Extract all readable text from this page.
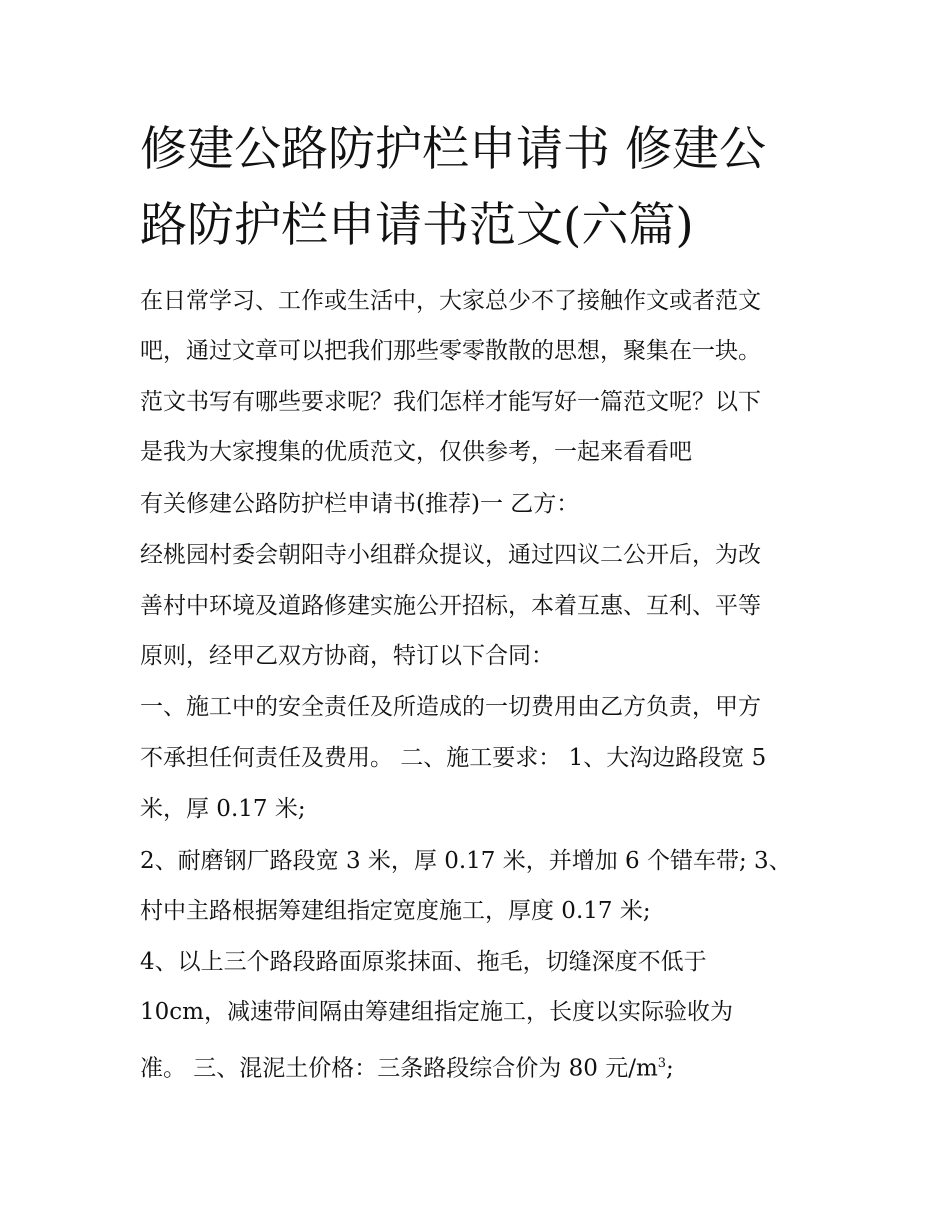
修建公路防护栏申请书 修建公
路防护栏申请书范文(六篇)
在日常学习、工作或生活中，大家总少不了接触作文或者范文
吧，通过文章可以把我们那些零零散散的思想，聚集在一块。
范文书写有哪些要求呢？我们怎样才能写好一篇范文呢？以下
是我为大家搜集的优质范文，仅供参考，一起来看看吧
有关修建公路防护栏申请书(推荐)一 乙方：
经桃园村委会朝阳寺小组群众提议，通过四议二公开后，为改
善村中环境及道路修建实施公开招标，本着互惠、互利、平等
原则，经甲乙双方协商，特订以下合同：
一、施工中的安全责任及所造成的一切费用由乙方负责，甲方
不承担任何责任及费用。 二、施工要求： 1、大沟边路段宽 5
米，厚 0.17 米;
2、耐磨钢厂路段宽 3 米，厚 0.17 米，并增加 6 个错车带; 3、
村中主路根据筹建组指定宽度施工，厚度 0.17 米;
4、以上三个路段路面原浆抹面、拖毛，切缝深度不低于
10cm，减速带间隔由筹建组指定施工，长度以实际验收为
准。 三、混泥土价格：三条路段综合价为 80 元$/m^3$;
